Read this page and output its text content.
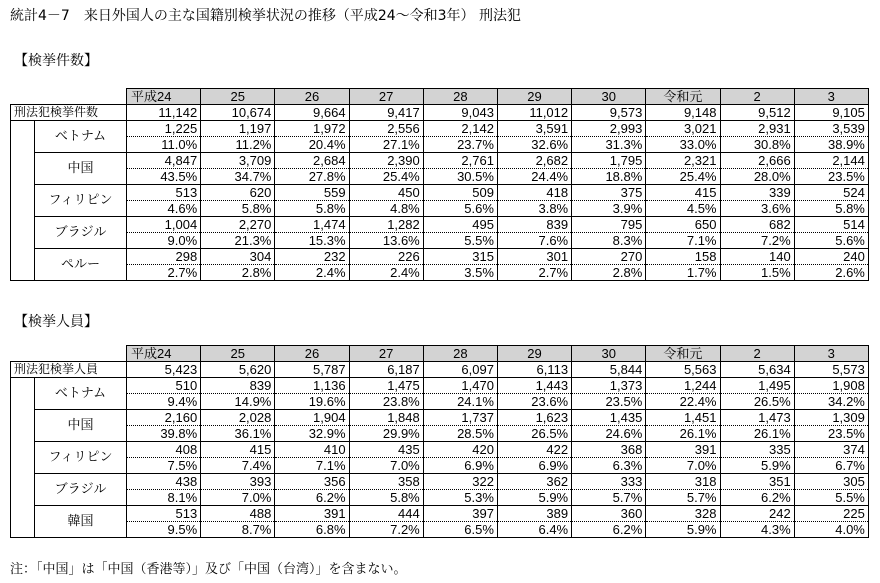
統計4－7　来日外国人の主な国籍別検挙状況の推移（平成24～令和3年） 刑法犯
【検挙件数】
		平成24	25	26	27	28	29	30	令和元	2	3
刑法犯検挙件数		11,142	10,674	9,664	9,417	9,043	11,012	9,573	9,148	9,512	9,105
	ベトナム	1,225	1,197	1,972	2,556	2,142	3,591	2,993	3,021	2,931	3,539
		11.0%	11.2%	20.4%	27.1%	23.7%	32.6%	31.3%	33.0%	30.8%	38.9%
	中国	4,847	3,709	2,684	2,390	2,761	2,682	1,795	2,321	2,666	2,144
		43.5%	34.7%	27.8%	25.4%	30.5%	24.4%	18.8%	25.4%	28.0%	23.5%
	フィリピン	513	620	559	450	509	418	375	415	339	524
		4.6%	5.8%	5.8%	4.8%	5.6%	3.8%	3.9%	4.5%	3.6%	5.8%
	ブラジル	1,004	2,270	1,474	1,282	495	839	795	650	682	514
		9.0%	21.3%	15.3%	13.6%	5.5%	7.6%	8.3%	7.1%	7.2%	5.6%
	ペルー	298	304	232	226	315	301	270	158	140	240
		2.7%	2.8%	2.4%	2.4%	3.5%	2.7%	2.8%	1.7%	1.5%	2.6%
【検挙人員】
		平成24	25	26	27	28	29	30	令和元	2	3
刑法犯検挙人員		5,423	5,620	5,787	6,187	6,097	6,113	5,844	5,563	5,634	5,573
	ベトナム	510	839	1,136	1,475	1,470	1,443	1,373	1,244	1,495	1,908
		9.4%	14.9%	19.6%	23.8%	24.1%	23.6%	23.5%	22.4%	26.5%	34.2%
	中国	2,160	2,028	1,904	1,848	1,737	1,623	1,435	1,451	1,473	1,309
		39.8%	36.1%	32.9%	29.9%	28.5%	26.5%	24.6%	26.1%	26.1%	23.5%
	フィリピン	408	415	410	435	420	422	368	391	335	374
		7.5%	7.4%	7.1%	7.0%	6.9%	6.9%	6.3%	7.0%	5.9%	6.7%
	ブラジル	438	393	356	358	322	362	333	318	351	305
		8.1%	7.0%	6.2%	5.8%	5.3%	5.9%	5.7%	5.7%	6.2%	5.5%
	韓国	513	488	391	444	397	389	360	328	242	225
		9.5%	8.7%	6.8%	7.2%	6.5%	6.4%	6.2%	5.9%	4.3%	4.0%
注：「中国」は「中国（香港等）」及び「中国（台湾）」を含まない。
